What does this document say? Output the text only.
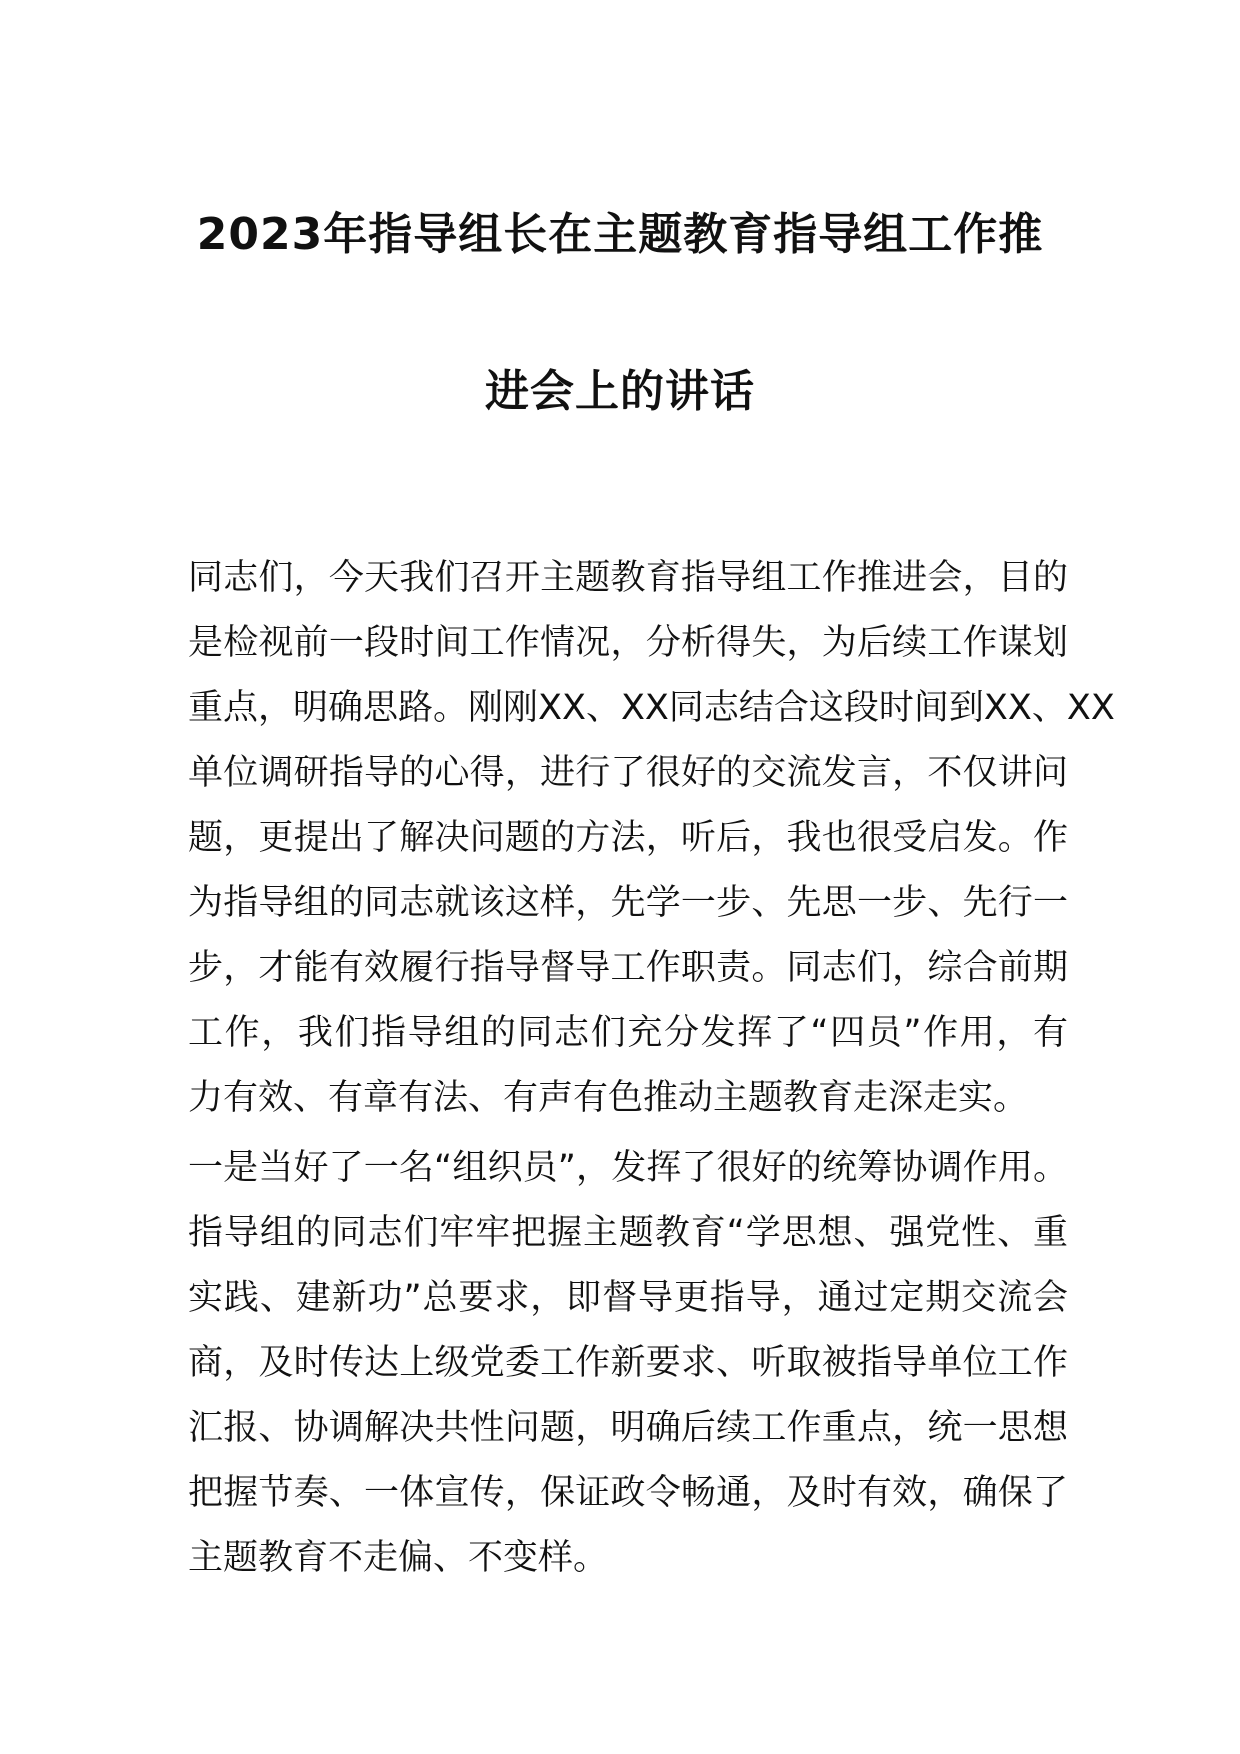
2023年指导组长在主题教育指导组工作推
进会上的讲话
同志们，今天我们召开主题教育指导组工作推进会，目的
是检视前一段时间工作情况，分析得失，为后续工作谋划
重点，明确思路。刚刚XX、XX同志结合这段时间到XX、XX
单位调研指导的心得，进行了很好的交流发言，不仅讲问
题，更提出了解决问题的方法，听后，我也很受启发。作
为指导组的同志就该这样，先学一步、先思一步、先行一
步，才能有效履行指导督导工作职责。同志们，综合前期
工作，我们指导组的同志们充分发挥了“四员”作用，有
力有效、有章有法、有声有色推动主题教育走深走实。
一是当好了一名“组织员”，发挥了很好的统筹协调作用。
指导组的同志们牢牢把握主题教育“学思想、强党性、重
实践、建新功”总要求，即督导更指导，通过定期交流会
商，及时传达上级党委工作新要求、听取被指导单位工作
汇报、协调解决共性问题，明确后续工作重点，统一思想
把握节奏、一体宣传，保证政令畅通，及时有效，确保了
主题教育不走偏、不变样。
